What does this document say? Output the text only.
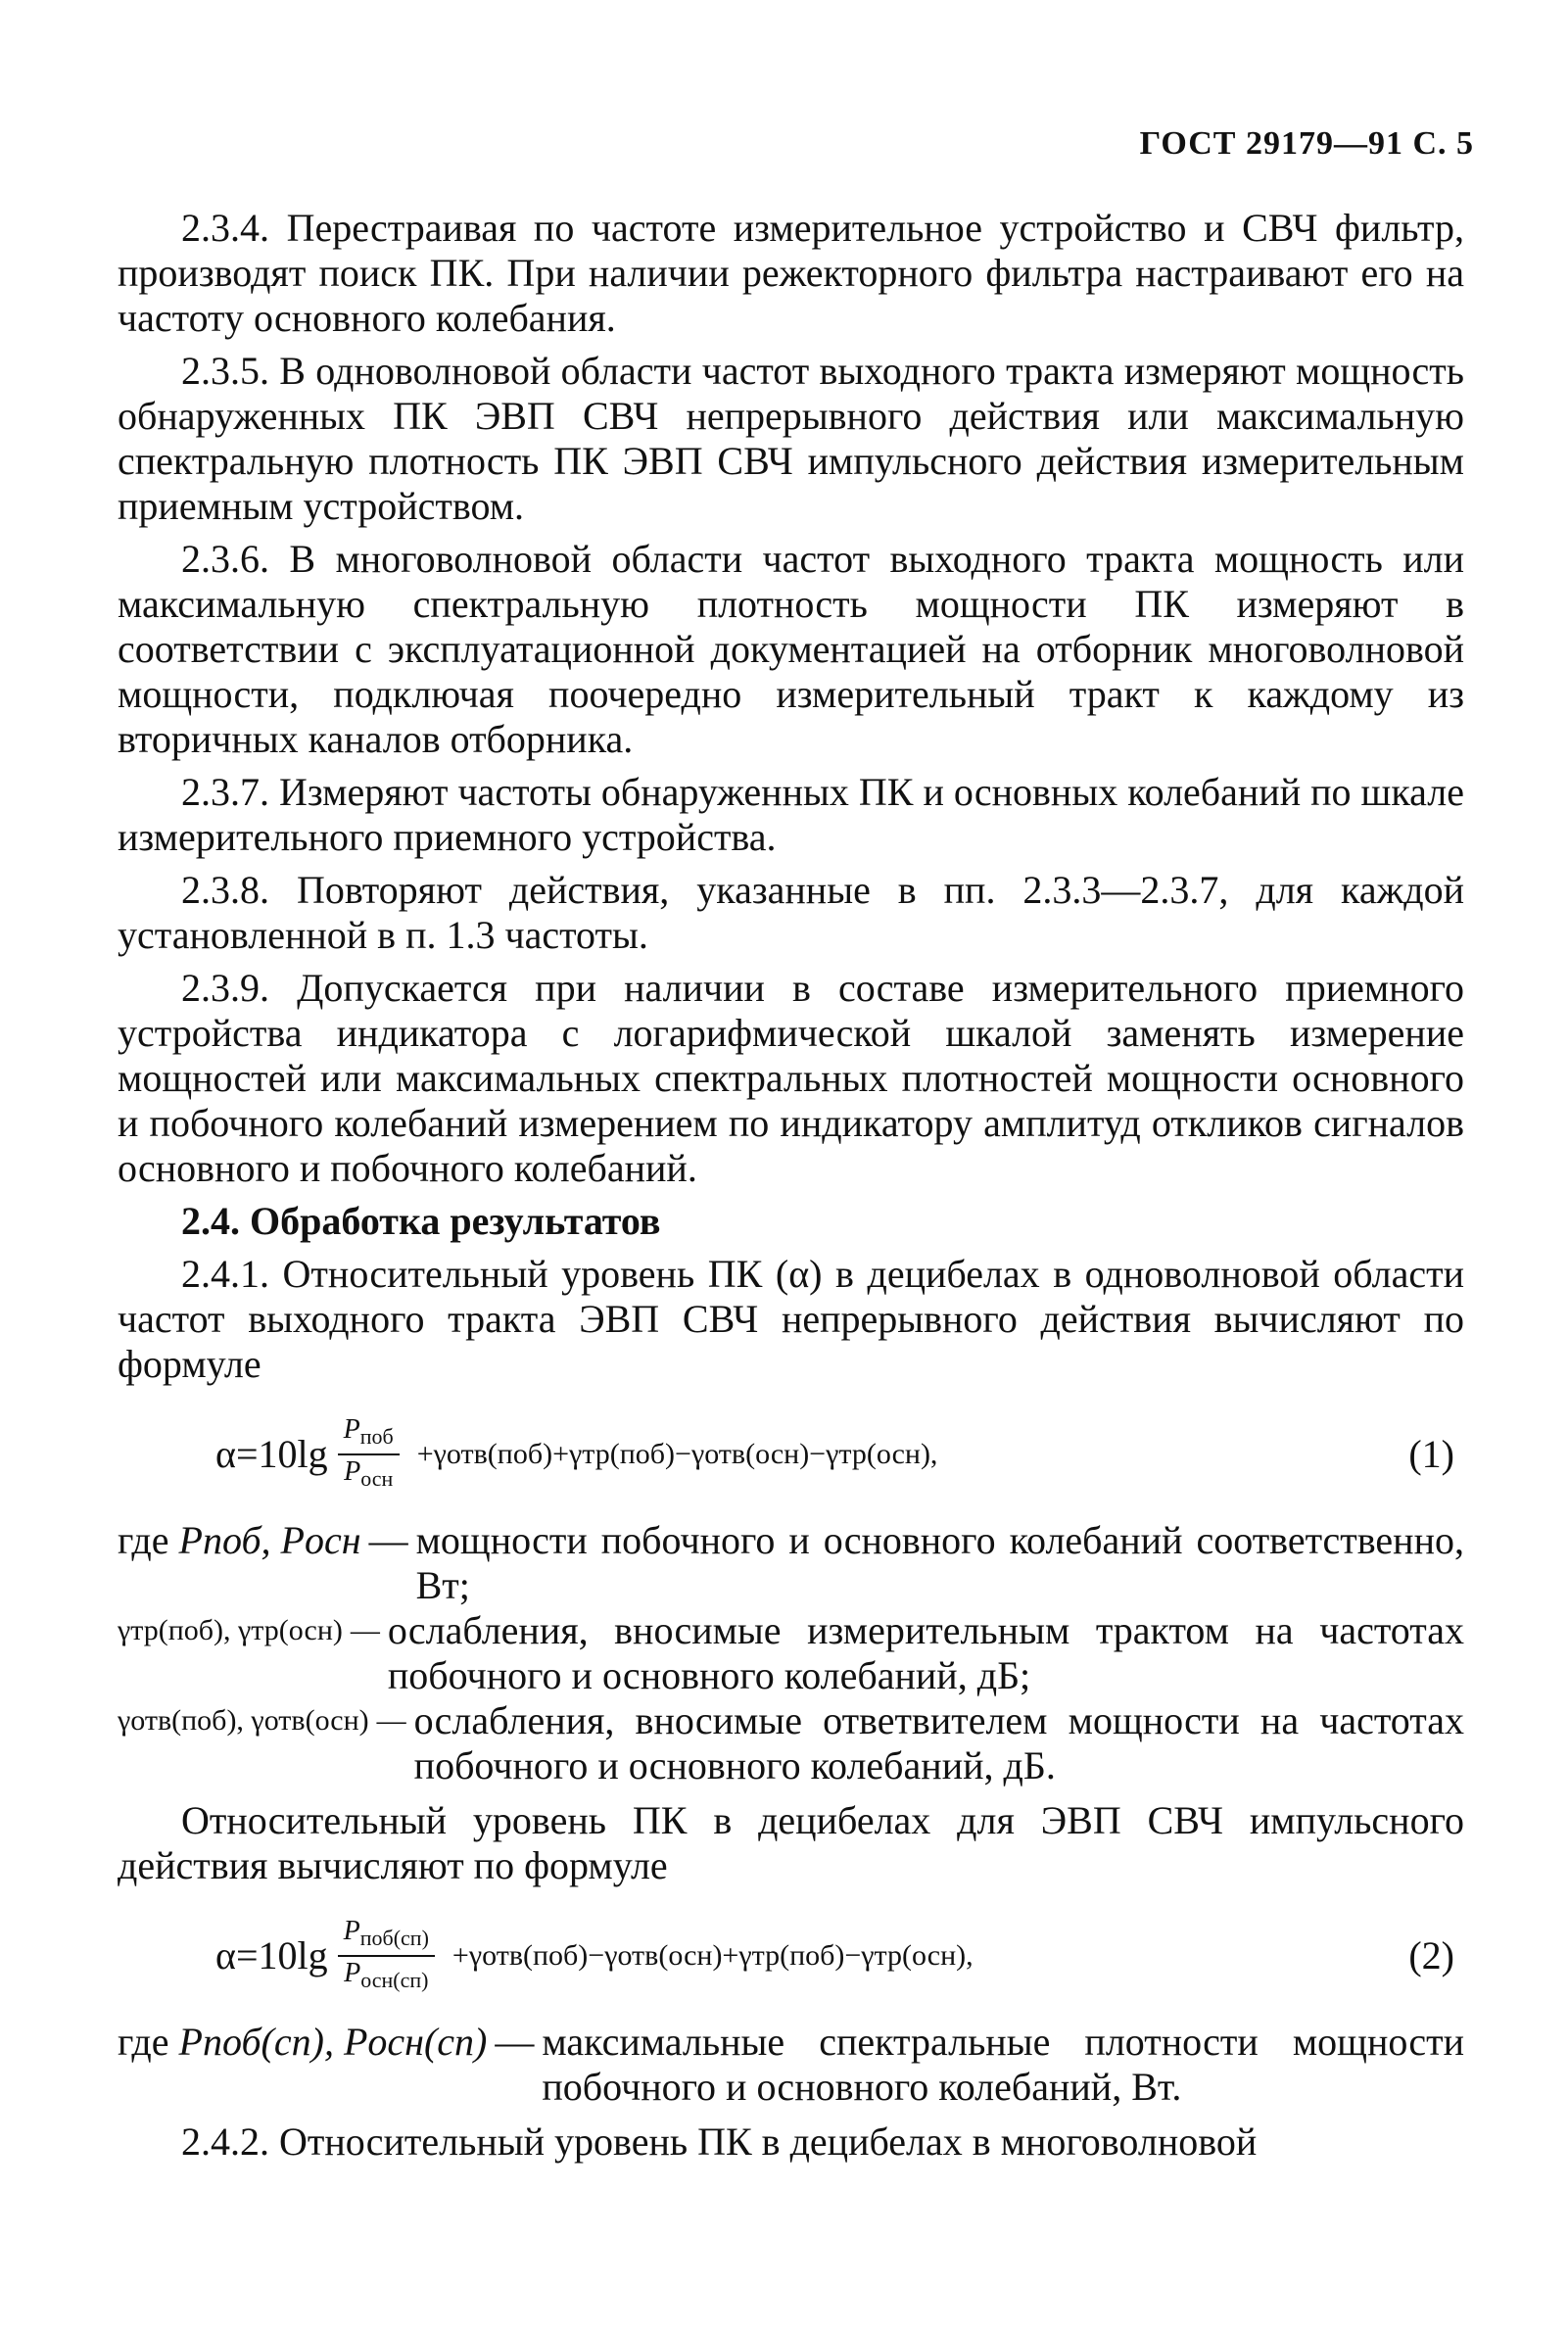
ГОСТ 29179—91 С. 5

2.3.4. Перестраивая по частоте измерительное устройство и СВЧ фильтр, производят поиск ПК. При наличии режекторного фильтра настраивают его на частоту основного колебания.

2.3.5. В одноволновой области частот выходного тракта измеряют мощность обнаруженных ПК ЭВП СВЧ непрерывного действия или максимальную спектральную плотность ПК ЭВП СВЧ импульсного действия измерительным приемным устройством.

2.3.6. В многоволновой области частот выходного тракта мощность или максимальную спектральную плотность мощности ПК измеряют в соответствии с эксплуатационной документацией на отборник многоволновой мощности, подключая поочередно измерительный тракт к каждому из вторичных каналов отборника.

2.3.7. Измеряют частоты обнаруженных ПК и основных колебаний по шкале измерительного приемного устройства.

2.3.8. Повторяют действия, указанные в пп. 2.3.3—2.3.7, для каждой установленной в п. 1.3 частоты.

2.3.9. Допускается при наличии в составе измерительного приемного устройства индикатора с логарифмической шкалой заменять измерение мощностей или максимальных спектральных плотностей мощности основного и побочного колебаний измерением по индикатору амплитуд откликов сигналов основного и побочного колебаний.

2.4. Обработка результатов

2.4.1. Относительный уровень ПК (α) в децибелах в одноволновой области частот выходного тракта ЭВП СВЧ непрерывного действия вычисляют по формуле

$\alpha=10\lg \frac{P_{поб}}{P_{осн}} +\gamma отв(поб)+\gamma тр(поб)-\gamma отв(осн)-\gamma тр(осн)$,	(1)
где Pпоб, Pосн — мощности побочного и основного колебаний соответственно, Вт;
γтр(поб), γтр(осн) — ослабления, вносимые измерительным трактом на частотах побочного и основного колебаний, дБ;
γотв(поб), γотв(осн) — ослабления, вносимые ответвителем мощности на частотах побочного и основного колебаний, дБ.

Относительный уровень ПК в децибелах для ЭВП СВЧ импульсного действия вычисляют по формуле

$\alpha=10\lg \frac{P_{поб(сп)}}{P_{осн(сп)}} +\gamma отв(поб)-\gamma отв(осн)+\gamma тр(поб)-\gamma тр(осн)$,	(2)
где Pпоб(сп), Pосн(сп) — максимальные спектральные плотности мощности побочного и основного колебаний, Вт.

2.4.2. Относительный уровень ПК в децибелах в многоволновой
